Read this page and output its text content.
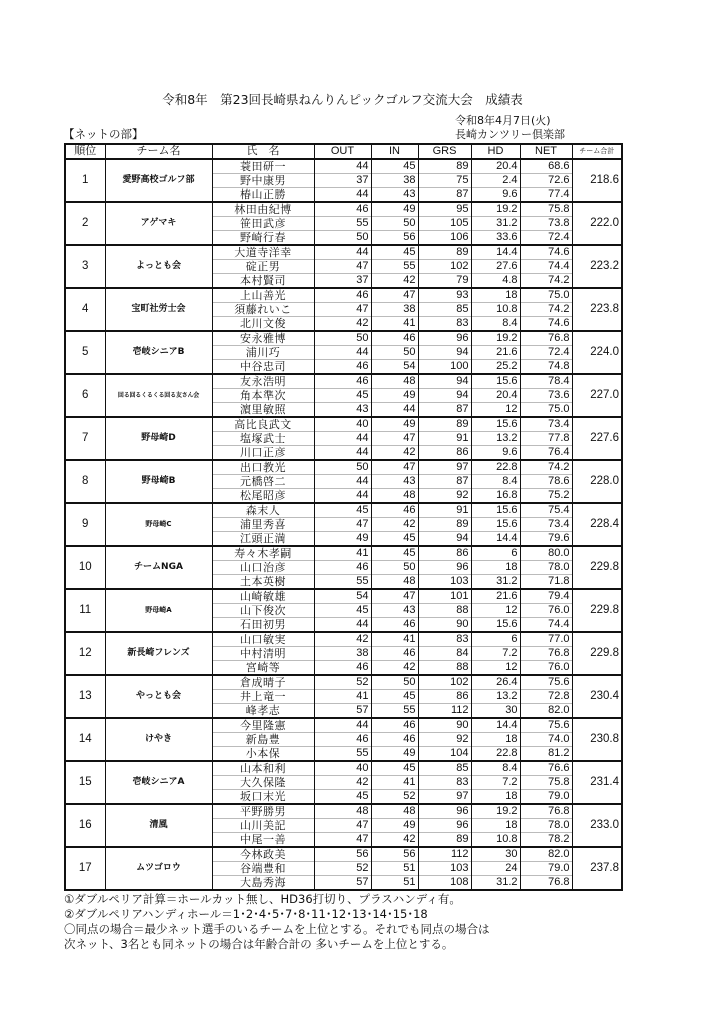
令和8年　第23回長崎県ねんりんピックゴルフ交流大会　成績表
令和8年4月7日(火)
長崎カンツリー倶楽部
【ネットの部】
順位	チーム名	氏　名	OUT	IN	GRS	HD	NET	チーム合計
1	愛野高校ゴルフ部	蓑田研一	44	45	89	20.4	68.6	218.6
		野中康男	37	38	75	2.4	72.6	
		椿山正勝	44	43	87	9.6	77.4	
2	アゲマキ	林田由紀博	46	49	95	19.2	75.8	222.0
		笹田武彦	55	50	105	31.2	73.8	
		野崎行春	50	56	106	33.6	72.4	
3	よっとも会	大道寺洋幸	44	45	89	14.4	74.6	223.2
		碇正男	47	55	102	27.6	74.4	
		本村賢司	37	42	79	4.8	74.2	
4	宝町社労士会	上山善光	46	47	93	18	75.0	223.8
		須藤れいこ	47	38	85	10.8	74.2	
		北川文俊	42	41	83	8.4	74.6	
5	壱岐シニアB	安永雅博	50	46	96	19.2	76.8	224.0
		浦川巧	44	50	94	21.6	72.4	
		中谷忠司	46	54	100	25.2	74.8	
6	回る回るくるくる回る友さん会	友永浩明	46	48	94	15.6	78.4	227.0
		角本準次	45	49	94	20.4	73.6	
		濵里敏照	43	44	87	12	75.0	
7	野母崎D	高比良武文	40	49	89	15.6	73.4	227.6
		塩塚武士	44	47	91	13.2	77.8	
		川口正彦	44	42	86	9.6	76.4	
8	野母崎B	出口教光	50	47	97	22.8	74.2	228.0
		元橋啓二	44	43	87	8.4	78.6	
		松尾昭彦	44	48	92	16.8	75.2	
9	野母崎C	森末人	45	46	91	15.6	75.4	228.4
		浦里秀喜	47	42	89	15.6	73.4	
		江頭正満	49	45	94	14.4	79.6	
10	チームNGA	寿々木孝嗣	41	45	86	6	80.0	229.8
		山口治彦	46	50	96	18	78.0	
		土本英樹	55	48	103	31.2	71.8	
11	野母崎A	山崎敏雄	54	47	101	21.6	79.4	229.8
		山下俊次	45	43	88	12	76.0	
		石田初男	44	46	90	15.6	74.4	
12	新長崎フレンズ	山口敏実	42	41	83	6	77.0	229.8
		中村清明	38	46	84	7.2	76.8	
		宮崎等	46	42	88	12	76.0	
13	やっとも会	倉成晴子	52	50	102	26.4	75.6	230.4
		井上竜一	41	45	86	13.2	72.8	
		峰孝志	57	55	112	30	82.0	
14	けやき	今里隆憲	44	46	90	14.4	75.6	230.8
		新島豊	46	46	92	18	74.0	
		小本保	55	49	104	22.8	81.2	
15	壱岐シニアA	山本和利	40	45	85	8.4	76.6	231.4
		大久保隆	42	41	83	7.2	75.8	
		坂口末光	45	52	97	18	79.0	
16	清風	平野勝男	48	48	96	19.2	76.8	233.0
		山川美記	47	49	96	18	78.0	
		中尾一善	47	42	89	10.8	78.2	
17	ムツゴロウ	今林政美	56	56	112	30	82.0	237.8
		谷端豊和	52	51	103	24	79.0	
		大島秀海	57	51	108	31.2	76.8	
①ダブルペリア計算＝ホールカット無し、HD36打切り、プラスハンディ有。
②ダブルペリアハンディホール＝1･2･4･5･7･8･11･12･13･14･15･18
〇同点の場合＝最少ネット選手のいるチームを上位とする。それでも同点の場合は
次ネット、3名とも同ネットの場合は年齢合計の 多いチームを上位とする。
